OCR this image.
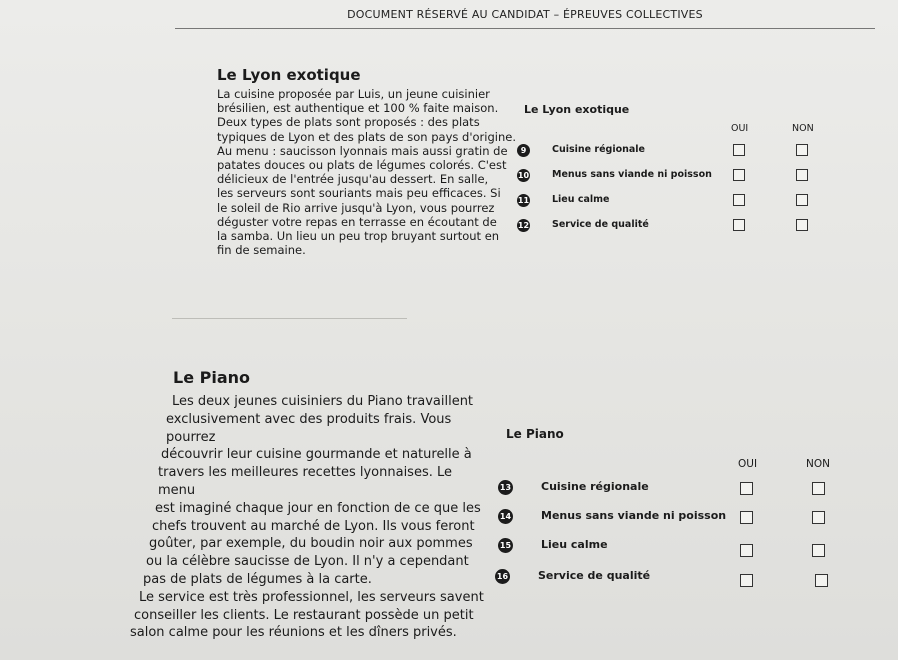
DOCUMENT RÉSERVÉ AU CANDIDAT – ÉPREUVES COLLECTIVES
Le Lyon exotique
La cuisine proposée par Luis, un jeune cuisinier
brésilien, est authentique et 100 % faite maison.
Deux types de plats sont proposés : des plats
typiques de Lyon et des plats de son pays d'origine.
Au menu : saucisson lyonnais mais aussi gratin de
patates douces ou plats de légumes colorés. C'est
délicieux de l'entrée jusqu'au dessert. En salle,
les serveurs sont souriants mais peu efficaces. Si
le soleil de Rio arrive jusqu'à Lyon, vous pourrez
déguster votre repas en terrasse en écoutant de
la samba. Un lieu un peu trop bruyant surtout en
fin de semaine.
Le Lyon exotique
OUI	NON
9	Cuisine régionale
10 Menus sans viande ni poisson
11 Lieu calme
12 Service de qualité
Le Piano
Les deux jeunes cuisiniers du Piano travaillent
exclusivement avec des produits frais. Vous pourrez
découvrir leur cuisine gourmande et naturelle à
travers les meilleures recettes lyonnaises. Le menu
est imaginé chaque jour en fonction de ce que les
chefs trouvent au marché de Lyon. Ils vous feront
goûter, par exemple, du boudin noir aux pommes
ou la célèbre saucisse de Lyon. Il n'y a cependant
pas de plats de légumes à la carte.
Le service est très professionnel, les serveurs savent
conseiller les clients. Le restaurant possède un petit
salon calme pour les réunions et les dîners privés.
Le Piano
OUI	NON
13	Cuisine régionale
14	Menus sans viande ni poisson
15	Lieu calme
16	Service de qualité
